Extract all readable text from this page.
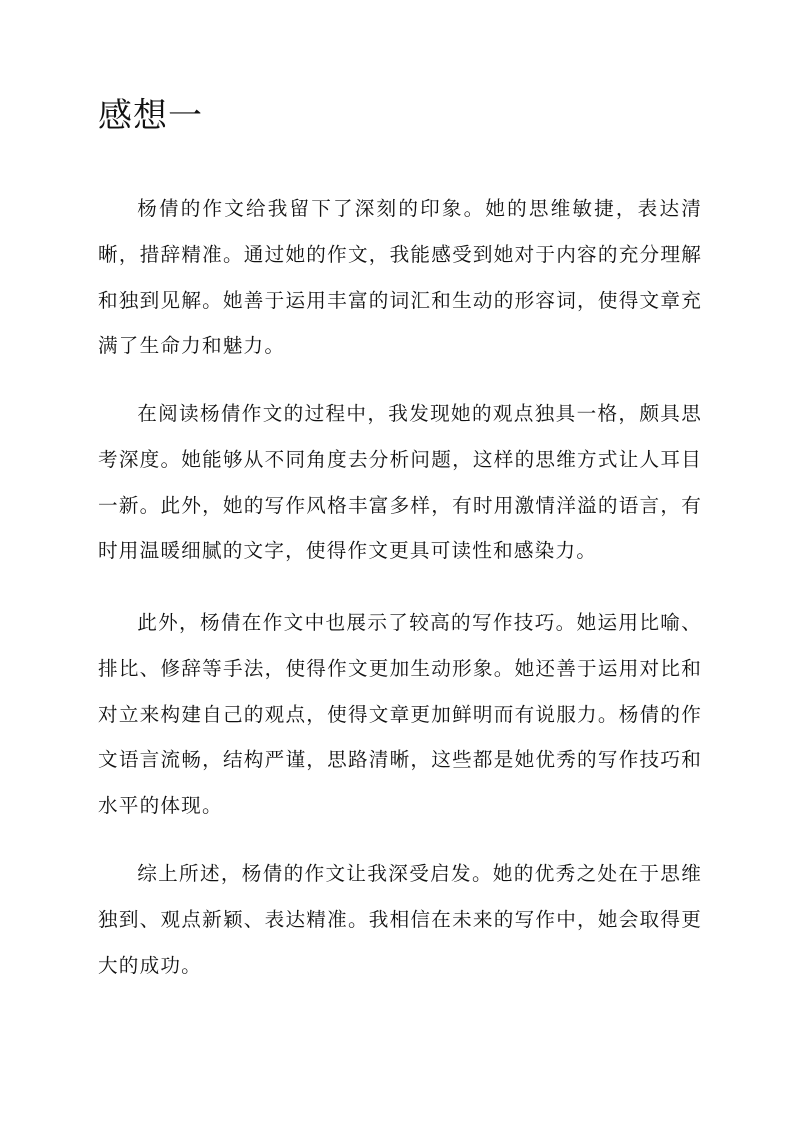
感想一

杨倩的作文给我留下了深刻的印象。她的思维敏捷，表达清晰，措辞精准。通过她的作文，我能感受到她对于内容的充分理解和独到见解。她善于运用丰富的词汇和生动的形容词，使得文章充满了生命力和魅力。

在阅读杨倩作文的过程中，我发现她的观点独具一格，颇具思考深度。她能够从不同角度去分析问题，这样的思维方式让人耳目一新。此外，她的写作风格丰富多样，有时用激情洋溢的语言，有时用温暖细腻的文字，使得作文更具可读性和感染力。

此外，杨倩在作文中也展示了较高的写作技巧。她运用比喻、排比、修辞等手法，使得作文更加生动形象。她还善于运用对比和对立来构建自己的观点，使得文章更加鲜明而有说服力。杨倩的作文语言流畅，结构严谨，思路清晰，这些都是她优秀的写作技巧和水平的体现。

综上所述，杨倩的作文让我深受启发。她的优秀之处在于思维独到、观点新颖、表达精准。我相信在未来的写作中，她会取得更大的成功。
